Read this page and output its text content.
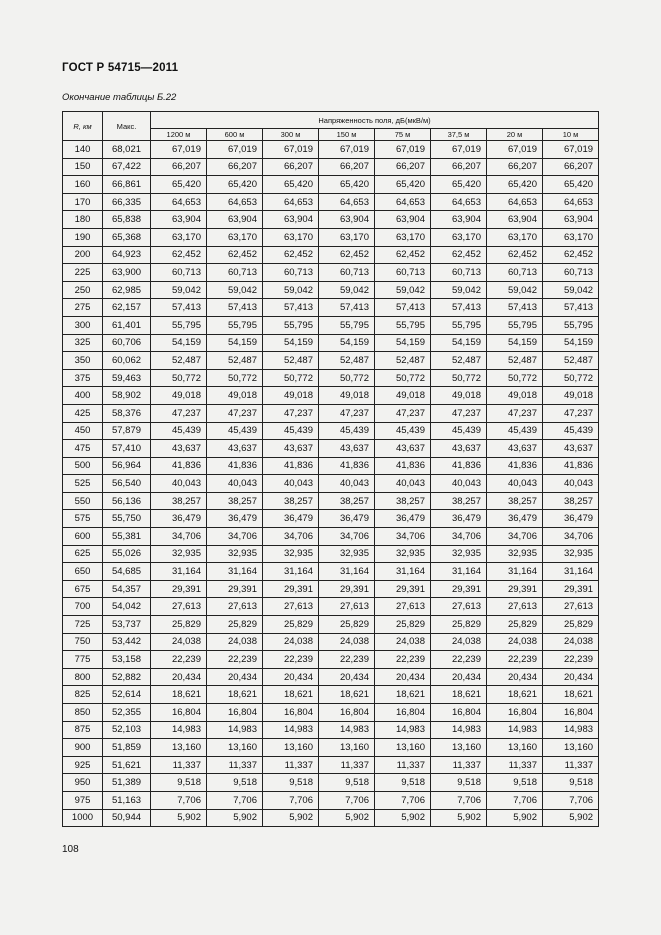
ГОСТ Р 54715—2011
Окончание таблицы Б.22
R, км	Макс.	Напряженность поля, дБ(мкВ/м)							
		1200 м	600 м	300 м	150 м	75 м	37,5 м	20 м	10 м
140	68,021	67,019	67,019	67,019	67,019	67,019	67,019	67,019	67,019
150	67,422	66,207	66,207	66,207	66,207	66,207	66,207	66,207	66,207
160	66,861	65,420	65,420	65,420	65,420	65,420	65,420	65,420	65,420
170	66,335	64,653	64,653	64,653	64,653	64,653	64,653	64,653	64,653
180	65,838	63,904	63,904	63,904	63,904	63,904	63,904	63,904	63,904
190	65,368	63,170	63,170	63,170	63,170	63,170	63,170	63,170	63,170
200	64,923	62,452	62,452	62,452	62,452	62,452	62,452	62,452	62,452
225	63,900	60,713	60,713	60,713	60,713	60,713	60,713	60,713	60,713
250	62,985	59,042	59,042	59,042	59,042	59,042	59,042	59,042	59,042
275	62,157	57,413	57,413	57,413	57,413	57,413	57,413	57,413	57,413
300	61,401	55,795	55,795	55,795	55,795	55,795	55,795	55,795	55,795
325	60,706	54,159	54,159	54,159	54,159	54,159	54,159	54,159	54,159
350	60,062	52,487	52,487	52,487	52,487	52,487	52,487	52,487	52,487
375	59,463	50,772	50,772	50,772	50,772	50,772	50,772	50,772	50,772
400	58,902	49,018	49,018	49,018	49,018	49,018	49,018	49,018	49,018
425	58,376	47,237	47,237	47,237	47,237	47,237	47,237	47,237	47,237
450	57,879	45,439	45,439	45,439	45,439	45,439	45,439	45,439	45,439
475	57,410	43,637	43,637	43,637	43,637	43,637	43,637	43,637	43,637
500	56,964	41,836	41,836	41,836	41,836	41,836	41,836	41,836	41,836
525	56,540	40,043	40,043	40,043	40,043	40,043	40,043	40,043	40,043
550	56,136	38,257	38,257	38,257	38,257	38,257	38,257	38,257	38,257
575	55,750	36,479	36,479	36,479	36,479	36,479	36,479	36,479	36,479
600	55,381	34,706	34,706	34,706	34,706	34,706	34,706	34,706	34,706
625	55,026	32,935	32,935	32,935	32,935	32,935	32,935	32,935	32,935
650	54,685	31,164	31,164	31,164	31,164	31,164	31,164	31,164	31,164
675	54,357	29,391	29,391	29,391	29,391	29,391	29,391	29,391	29,391
700	54,042	27,613	27,613	27,613	27,613	27,613	27,613	27,613	27,613
725	53,737	25,829	25,829	25,829	25,829	25,829	25,829	25,829	25,829
750	53,442	24,038	24,038	24,038	24,038	24,038	24,038	24,038	24,038
775	53,158	22,239	22,239	22,239	22,239	22,239	22,239	22,239	22,239
800	52,882	20,434	20,434	20,434	20,434	20,434	20,434	20,434	20,434
825	52,614	18,621	18,621	18,621	18,621	18,621	18,621	18,621	18,621
850	52,355	16,804	16,804	16,804	16,804	16,804	16,804	16,804	16,804
875	52,103	14,983	14,983	14,983	14,983	14,983	14,983	14,983	14,983
900	51,859	13,160	13,160	13,160	13,160	13,160	13,160	13,160	13,160
925	51,621	11,337	11,337	11,337	11,337	11,337	11,337	11,337	11,337
950	51,389	9,518	9,518	9,518	9,518	9,518	9,518	9,518	9,518
975	51,163	7,706	7,706	7,706	7,706	7,706	7,706	7,706	7,706
1000	50,944	5,902	5,902	5,902	5,902	5,902	5,902	5,902	5,902
108
